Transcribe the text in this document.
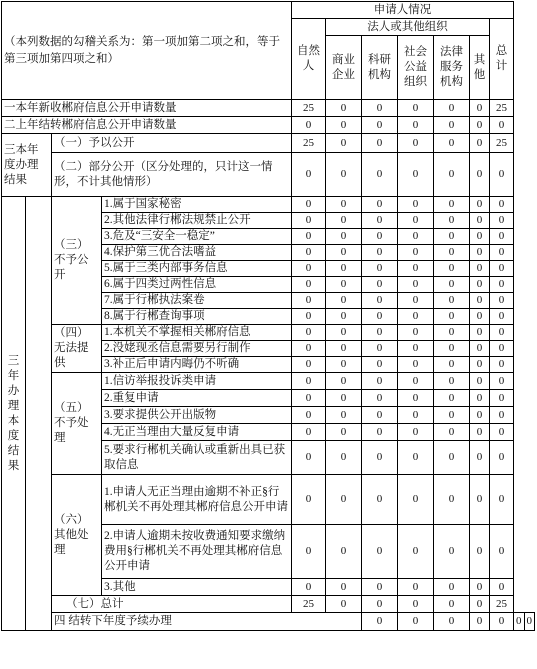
（本列数据的勾稽关系为：第一项加第二项之和，等于第三项加第四项之和）				申请人情况								
				自然人	法人或其他组织					总计		
					商业企业	科研机构	社会公益组织	法律服务机构	其他			
一本年新收郴府信息公开申请数量				25	0	0	0	0	0	25		
二上年结转郴府信息公开申请数量				0	0	0	0	0	0	0		
三本年度办理结果		（一）予以公开		25	0	0	0	0	0	25		
		（二）部分公开（区分处理的，只计这一情形，不计其他情形）		0	0	0	0	0	0	0		
三年办理 本度 结果		（三）不予公开	1.属于国家秘密	0	0	0	0	0	0	0		
			2.其他法律行郴法规禁止公开	0	0	0	0	0	0	0		
			3.危及“三安全一稳定”	0	0	0	0	0	0	0		
			4.保护第三优合法嗜益	0	0	0	0	0	0	0		
			5.属于三类内部事务信息	0	0	0	0	0	0	0		
			6.属于四类过两性信息	0	0	0	0	0	0	0		
			7.属于行郴执法案卷	0	0	0	0	0	0	0		
			8.属于行郴查询事项	0	0	0	0	0	0	0		
		（四）无法提供	1.本机关不掌握相关郴府信息	0	0	0	0	0	0	0		
			2.没姥现丞信息需要另行制作	0	0	0	0	0	0	0		
			3.补正后申请内晦仍不听确	0	0	0	0	0	0	0		
		（五）不予处理	1.信访举报投诉类申请	0	0	0	0	0	0	0		
			2.重复申请	0	0	0	0	0	0	0		
			3.要求提供公开出版物	0	0	0	0	0	0	0		
			4.无正当理由大量反复申请	0	0	0	0	0	0	0		
			5.要求行郴机关确认或重新出具已获取信息	0	0	0	0	0	0	0		
		（六）其他处理	1.申请人无正当理由逾期不补正§行郴机关不再处理其郴府信息公开申请	0	0	0	0	0	0	0		
			2.申请人逾期未按收费通知要求缴纳费用§行郴机关不再处理其郴府信息公开申请	0	0	0	0	0	0	0		
			3.其他	0	0	0	0	0	0	0		
		（七）总计		25	0	0	0	0	0	25		
		四 结转下年度予续办理				0	0	0	0	0	0	0
